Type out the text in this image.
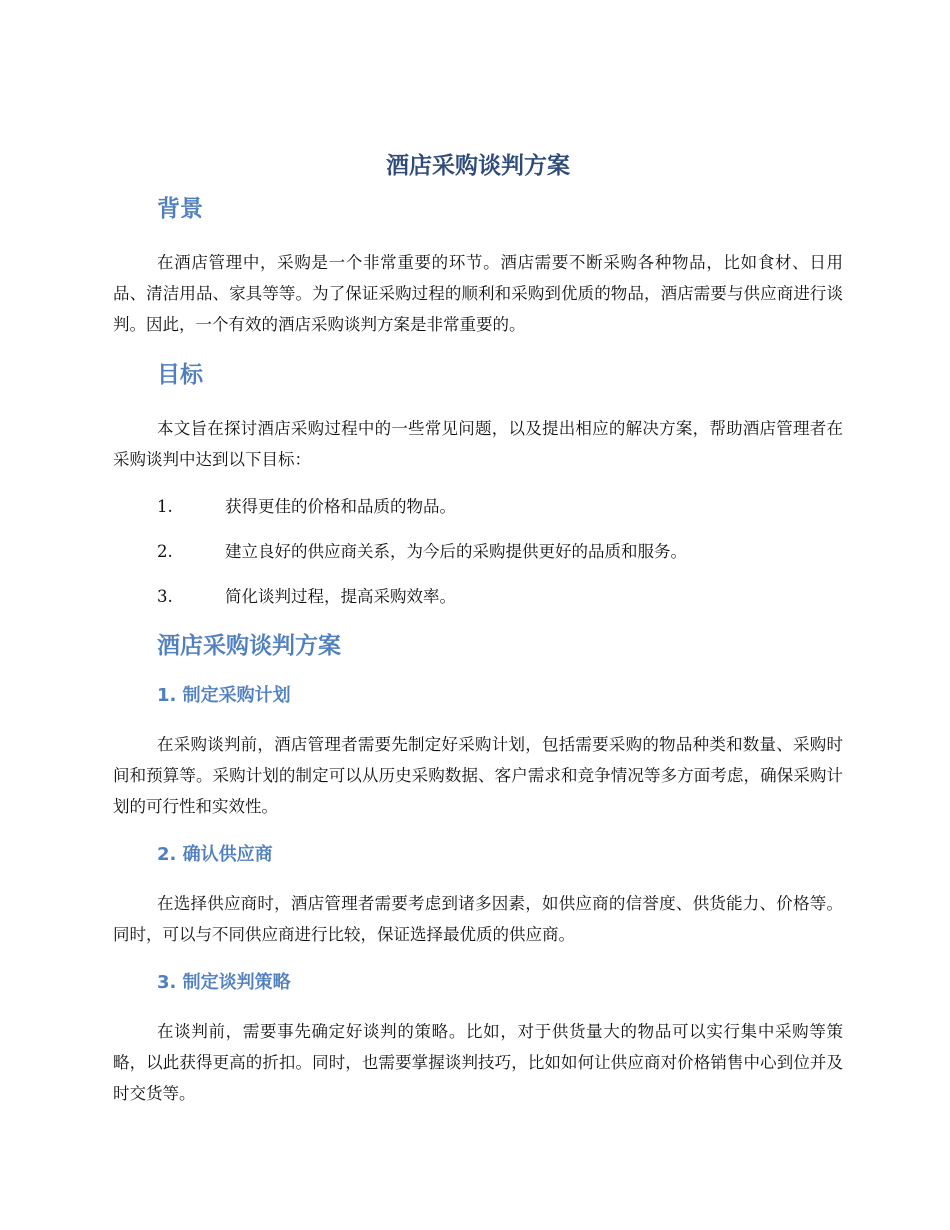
酒店采购谈判方案
背景

在酒店管理中，采购是一个非常重要的环节。酒店需要不断采购各种物品，比如食材、日用品、清洁用品、家具等等。为了保证采购过程的顺利和采购到优质的物品，酒店需要与供应商进行谈判。因此，一个有效的酒店采购谈判方案是非常重要的。

目标

本文旨在探讨酒店采购过程中的一些常见问题，以及提出相应的解决方案，帮助酒店管理者在采购谈判中达到以下目标：

1.	获得更佳的价格和品质的物品。
2.	建立良好的供应商关系，为今后的采购提供更好的品质和服务。
3.	简化谈判过程，提高采购效率。
酒店采购谈判方案
1. 制定采购计划

在采购谈判前，酒店管理者需要先制定好采购计划，包括需要采购的物品种类和数量、采购时间和预算等。采购计划的制定可以从历史采购数据、客户需求和竞争情况等多方面考虑，确保采购计划的可行性和实效性。

2. 确认供应商

在选择供应商时，酒店管理者需要考虑到诸多因素，如供应商的信誉度、供货能力、价格等。同时，可以与不同供应商进行比较，保证选择最优质的供应商。

3. 制定谈判策略

在谈判前，需要事先确定好谈判的策略。比如，对于供货量大的物品可以实行集中采购等策略，以此获得更高的折扣。同时，也需要掌握谈判技巧，比如如何让供应商对价格销售中心到位并及时交货等。
